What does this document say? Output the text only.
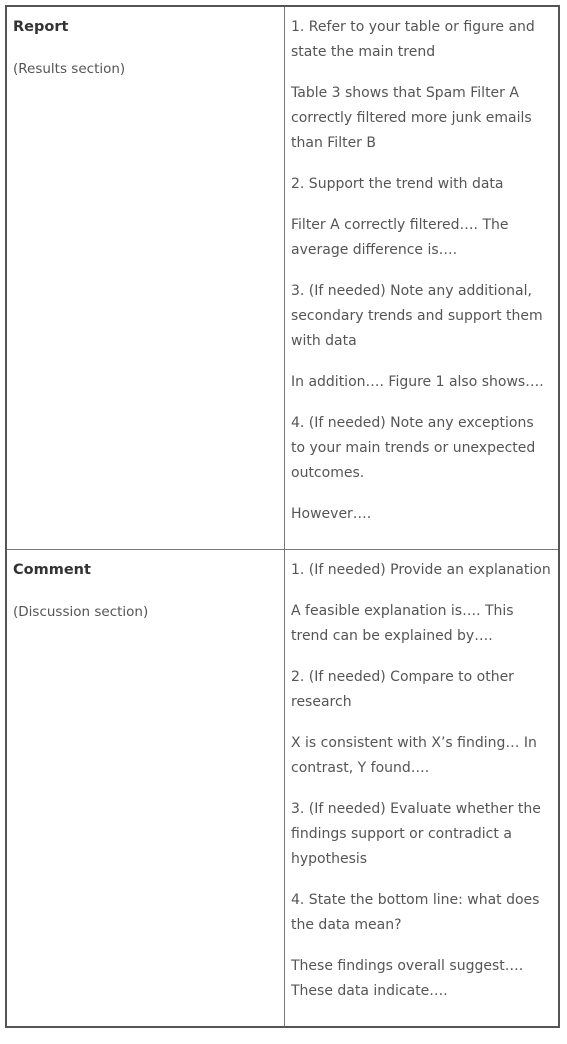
Report

(Results section)

1. Refer to your table or figure and state the main trend

Table 3 shows that Spam Filter A correctly filtered more junk emails than Filter B

2. Support the trend with data

Filter A correctly filtered…. The average difference is….

3. (If needed) Note any additional, secondary trends and support them with data

In addition…. Figure 1 also shows….

4. (If needed) Note any exceptions to your main trends or unexpected outcomes.

However….

Comment

(Discussion section)

1. (If needed) Provide an explanation

A feasible explanation is…. This trend can be explained by….

2. (If needed) Compare to other research

X is consistent with X’s finding… In contrast, Y found….

3. (If needed) Evaluate whether the findings support or contradict a hypothesis

4. State the bottom line: what does the data mean?

These findings overall suggest…. These data indicate….
